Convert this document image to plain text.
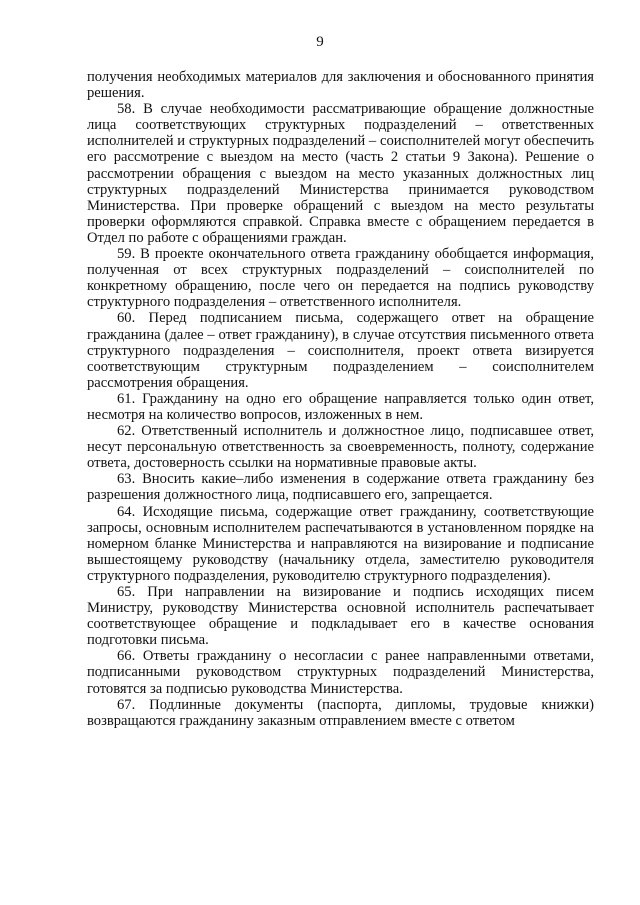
9

получения необходимых материалов для заключения и обоснованного принятия решения.

58. В случае необходимости рассматривающие обращение должностные лица соответствующих структурных подразделений – ответственных исполнителей и структурных подразделений – соисполнителей могут обеспечить его рассмотрение с выездом на место (часть 2 статьи 9 Закона). Решение о рассмотрении обращения с выездом на место указанных должностных лиц структурных подразделений Министерства принимается руководством Министерства. При проверке обращений с выездом на место результаты проверки оформляются справкой. Справка вместе с обращением передается в Отдел по работе с обращениями граждан.

59. В проекте окончательного ответа гражданину обобщается информация, полученная от всех структурных подразделений – соисполнителей по конкретному обращению, после чего он передается на подпись руководству структурного подразделения – ответственного исполнителя.

60. Перед подписанием письма, содержащего ответ на обращение гражданина (далее – ответ гражданину), в случае отсутствия письменного ответа структурного подразделения – соисполнителя, проект ответа визируется соответствующим структурным подразделением – соисполнителем рассмотрения обращения.

61. Гражданину на одно его обращение направляется только один ответ, несмотря на количество вопросов, изложенных в нем.

62. Ответственный исполнитель и должностное лицо, подписавшее ответ, несут персональную ответственность за своевременность, полноту, содержание ответа, достоверность ссылки на нормативные правовые акты.

63. Вносить какие–либо изменения в содержание ответа гражданину без разрешения должностного лица, подписавшего его, запрещается.

64. Исходящие письма, содержащие ответ гражданину, соответствующие запросы, основным исполнителем распечатываются в установленном порядке на номерном бланке Министерства и направляются на визирование и подписание вышестоящему руководству (начальнику отдела, заместителю руководителя структурного подразделения, руководителю структурного подразделения).

65. При направлении на визирование и подпись исходящих писем Министру, руководству Министерства основной исполнитель распечатывает соответствующее обращение и подкладывает его в качестве основания подготовки письма.

66. Ответы гражданину о несогласии с ранее направленными ответами, подписанными руководством структурных подразделений Министерства, готовятся за подписью руководства Министерства.

67. Подлинные документы (паспорта, дипломы, трудовые книжки) возвращаются гражданину заказным отправлением вместе с ответом
